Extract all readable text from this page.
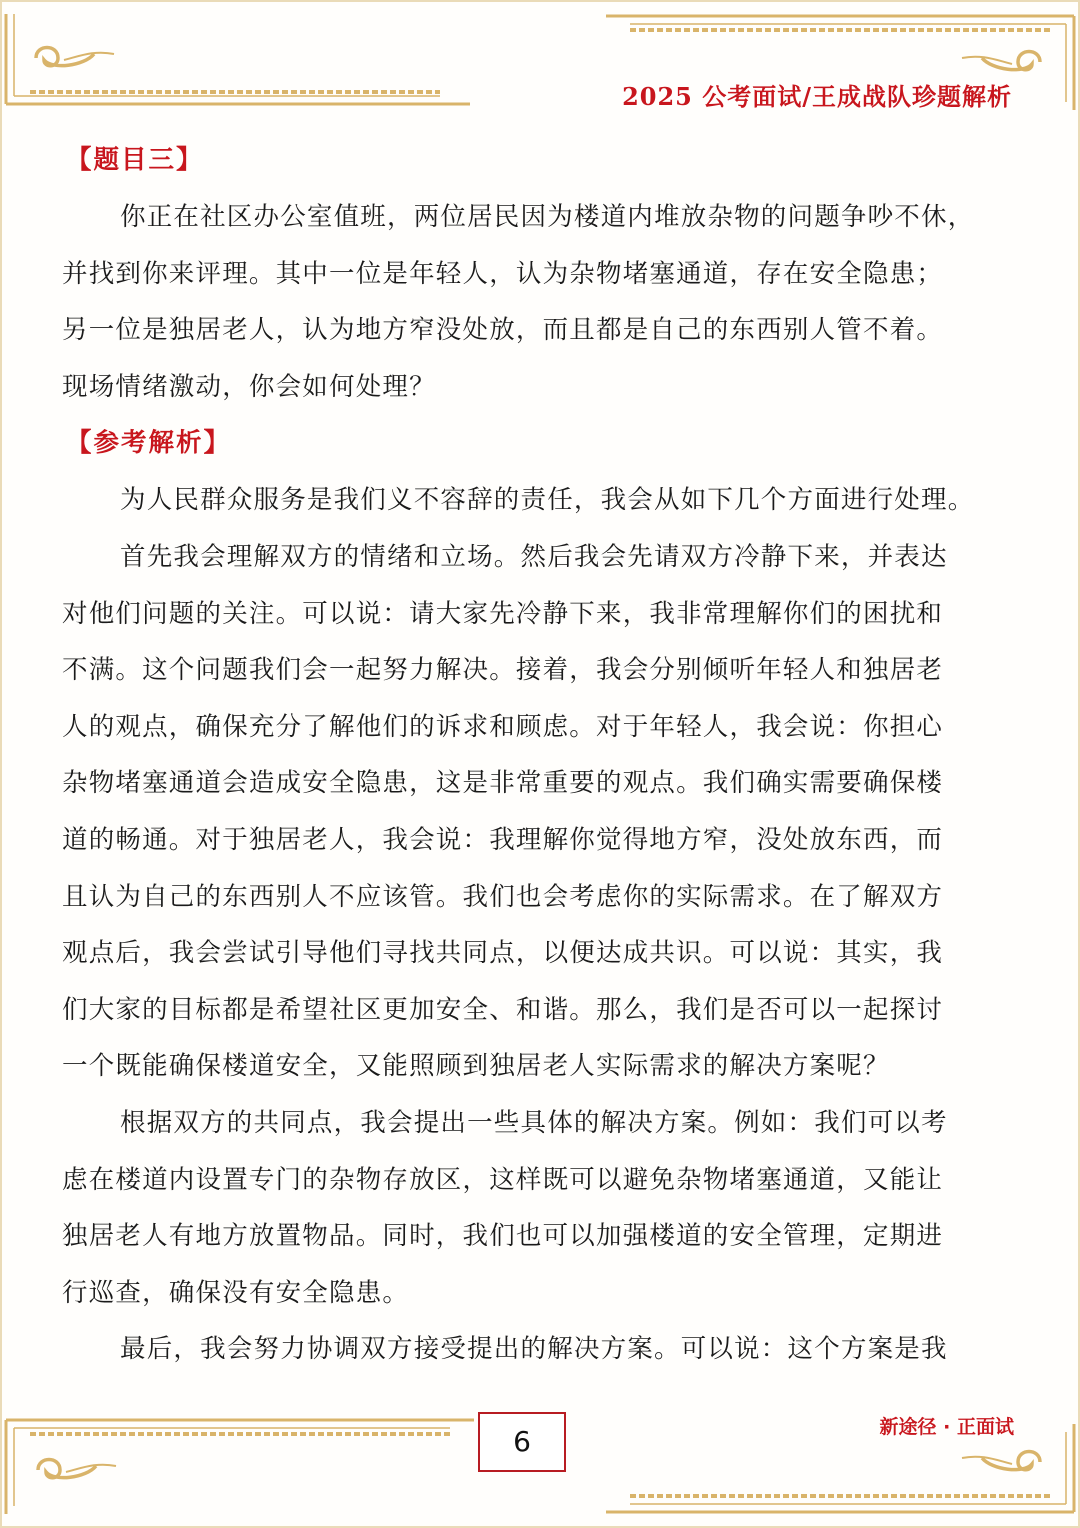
2025 公考面试/王成战队珍题解析
【题目三】
你正在社区办公室值班，两位居民因为楼道内堆放杂物的问题争吵不休，
并找到你来评理。其中一位是年轻人，认为杂物堵塞通道，存在安全隐患；
另一位是独居老人，认为地方窄没处放，而且都是自己的东西别人管不着。
现场情绪激动，你会如何处理？
【参考解析】
为人民群众服务是我们义不容辞的责任，我会从如下几个方面进行处理。
首先我会理解双方的情绪和立场。然后我会先请双方冷静下来，并表达
对他们问题的关注。可以说：请大家先冷静下来，我非常理解你们的困扰和
不满。这个问题我们会一起努力解决。接着，我会分别倾听年轻人和独居老
人的观点，确保充分了解他们的诉求和顾虑。对于年轻人，我会说：你担心
杂物堵塞通道会造成安全隐患，这是非常重要的观点。我们确实需要确保楼
道的畅通。对于独居老人，我会说：我理解你觉得地方窄，没处放东西，而
且认为自己的东西别人不应该管。我们也会考虑你的实际需求。在了解双方
观点后，我会尝试引导他们寻找共同点，以便达成共识。可以说：其实，我
们大家的目标都是希望社区更加安全、和谐。那么，我们是否可以一起探讨
一个既能确保楼道安全，又能照顾到独居老人实际需求的解决方案呢？
根据双方的共同点，我会提出一些具体的解决方案。例如：我们可以考
虑在楼道内设置专门的杂物存放区，这样既可以避免杂物堵塞通道，又能让
独居老人有地方放置物品。同时，我们也可以加强楼道的安全管理，定期进
行巡查，确保没有安全隐患。
最后，我会努力协调双方接受提出的解决方案。可以说：这个方案是我
6	新途径 · 正面试
